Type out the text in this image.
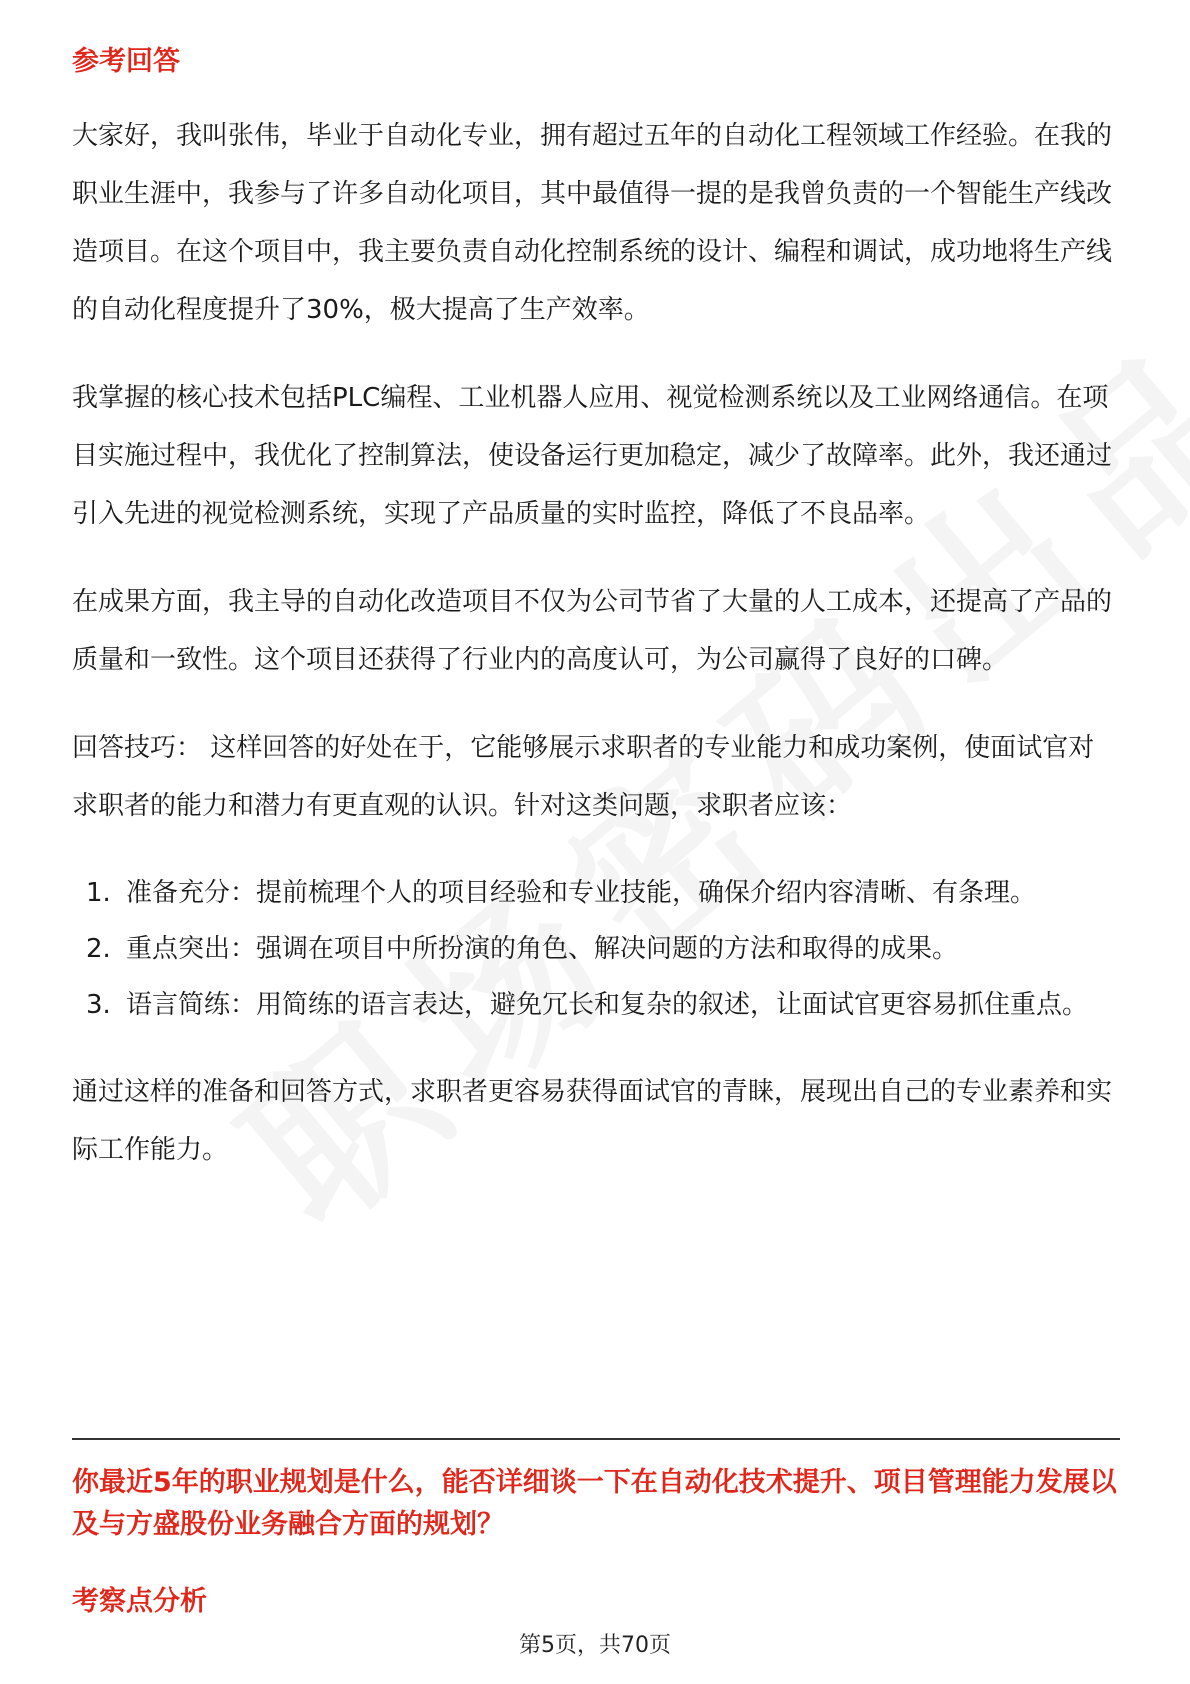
参考回答

大家好，我叫张伟，毕业于自动化专业，拥有超过五年的自动化工程领域工作经验。在我的职业生涯中，我参与了许多自动化项目，其中最值得一提的是我曾负责的一个智能生产线改造项目。在这个项目中，我主要负责自动化控制系统的设计、编程和调试，成功地将生产线的自动化程度提升了30%，极大提高了生产效率。

我掌握的核心技术包括PLC编程、工业机器人应用、视觉检测系统以及工业网络通信。在项目实施过程中，我优化了控制算法，使设备运行更加稳定，减少了故障率。此外，我还通过引入先进的视觉检测系统，实现了产品质量的实时监控，降低了不良品率。

在成果方面，我主导的自动化改造项目不仅为公司节省了大量的人工成本，还提高了产品的质量和一致性。这个项目还获得了行业内的高度认可，为公司赢得了良好的口碑。

回答技巧： 这样回答的好处在于，它能够展示求职者的专业能力和成功案例，使面试官对求职者的能力和潜力有更直观的认识。针对这类问题，求职者应该：

1. 准备充分：提前梳理个人的项目经验和专业技能，确保介绍内容清晰、有条理。
2. 重点突出：强调在项目中所扮演的角色、解决问题的方法和取得的成果。
3. 语言简练：用简练的语言表达，避免冗长和复杂的叙述，让面试官更容易抓住重点。

通过这样的准备和回答方式，求职者更容易获得面试官的青睐，展现出自己的专业素养和实际工作能力。

你最近5年的职业规划是什么，能否详细谈一下在自动化技术提升、项目管理能力发展以及与方盛股份业务融合方面的规划？
考察点分析
第5页，共70页
